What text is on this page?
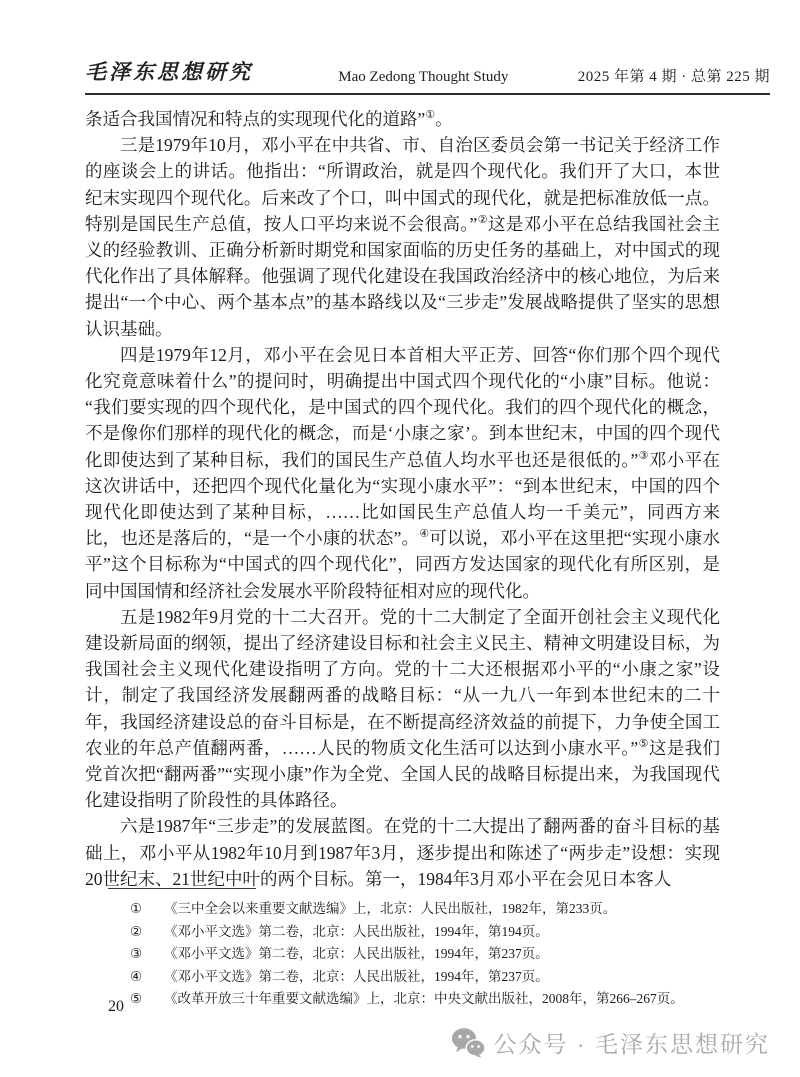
毛泽东思想研究	Mao Zedong Thought Study	2025 年第 4 期 · 总第 225 期

条适合我国情况和特点的实现现代化的道路”①。

三是1979年10月，邓小平在中共省、市、自治区委员会第一书记关于经济工作的座谈会上的讲话。他指出：“所谓政治，就是四个现代化。我们开了大口，本世纪末实现四个现代化。后来改了个口，叫中国式的现代化，就是把标准放低一点。特别是国民生产总值，按人口平均来说不会很高。”②这是邓小平在总结我国社会主义的经验教训、正确分析新时期党和国家面临的历史任务的基础上，对中国式的现代化作出了具体解释。他强调了现代化建设在我国政治经济中的核心地位，为后来提出“一个中心、两个基本点”的基本路线以及“三步走”发展战略提供了坚实的思想认识基础。

四是1979年12月，邓小平在会见日本首相大平正芳、回答“你们那个四个现代化究竟意味着什么”的提问时，明确提出中国式四个现代化的“小康”目标。他说：“我们要实现的四个现代化，是中国式的四个现代化。我们的四个现代化的概念，不是像你们那样的现代化的概念，而是‘小康之家’。到本世纪末，中国的四个现代化即使达到了某种目标，我们的国民生产总值人均水平也还是很低的。”③邓小平在这次讲话中，还把四个现代化量化为“实现小康水平”：“到本世纪末，中国的四个现代化即使达到了某种目标，……比如国民生产总值人均一千美元”，同西方来比，也还是落后的，“是一个小康的状态”。④可以说，邓小平在这里把“实现小康水平”这个目标称为“中国式的四个现代化”，同西方发达国家的现代化有所区别，是同中国国情和经济社会发展水平阶段特征相对应的现代化。

五是1982年9月党的十二大召开。党的十二大制定了全面开创社会主义现代化建设新局面的纲领，提出了经济建设目标和社会主义民主、精神文明建设目标，为我国社会主义现代化建设指明了方向。党的十二大还根据邓小平的“小康之家”设计，制定了我国经济发展翻两番的战略目标：“从一九八一年到本世纪末的二十年，我国经济建设总的奋斗目标是，在不断提高经济效益的前提下，力争使全国工农业的年总产值翻两番，……人民的物质文化生活可以达到小康水平。”⑤这是我们党首次把“翻两番”“实现小康”作为全党、全国人民的战略目标提出来，为我国现代化建设指明了阶段性的具体路径。

六是1987年“三步走”的发展蓝图。在党的十二大提出了翻两番的奋斗目标的基础上，邓小平从1982年10月到1987年3月，逐步提出和陈述了“两步走”设想：实现20世纪末、21世纪中叶的两个目标。第一，1984年3月邓小平在会见日本客人

① 《三中全会以来重要文献选编》上，北京：人民出版社，1982年，第233页。
② 《邓小平文选》第二卷，北京：人民出版社，1994年，第194页。
③ 《邓小平文选》第二卷，北京：人民出版社，1994年，第237页。
④ 《邓小平文选》第二卷，北京：人民出版社，1994年，第237页。
⑤ 《改革开放三十年重要文献选编》上，北京：中央文献出版社，2008年，第266–267页。
20
公众号 · 毛泽东思想研究
